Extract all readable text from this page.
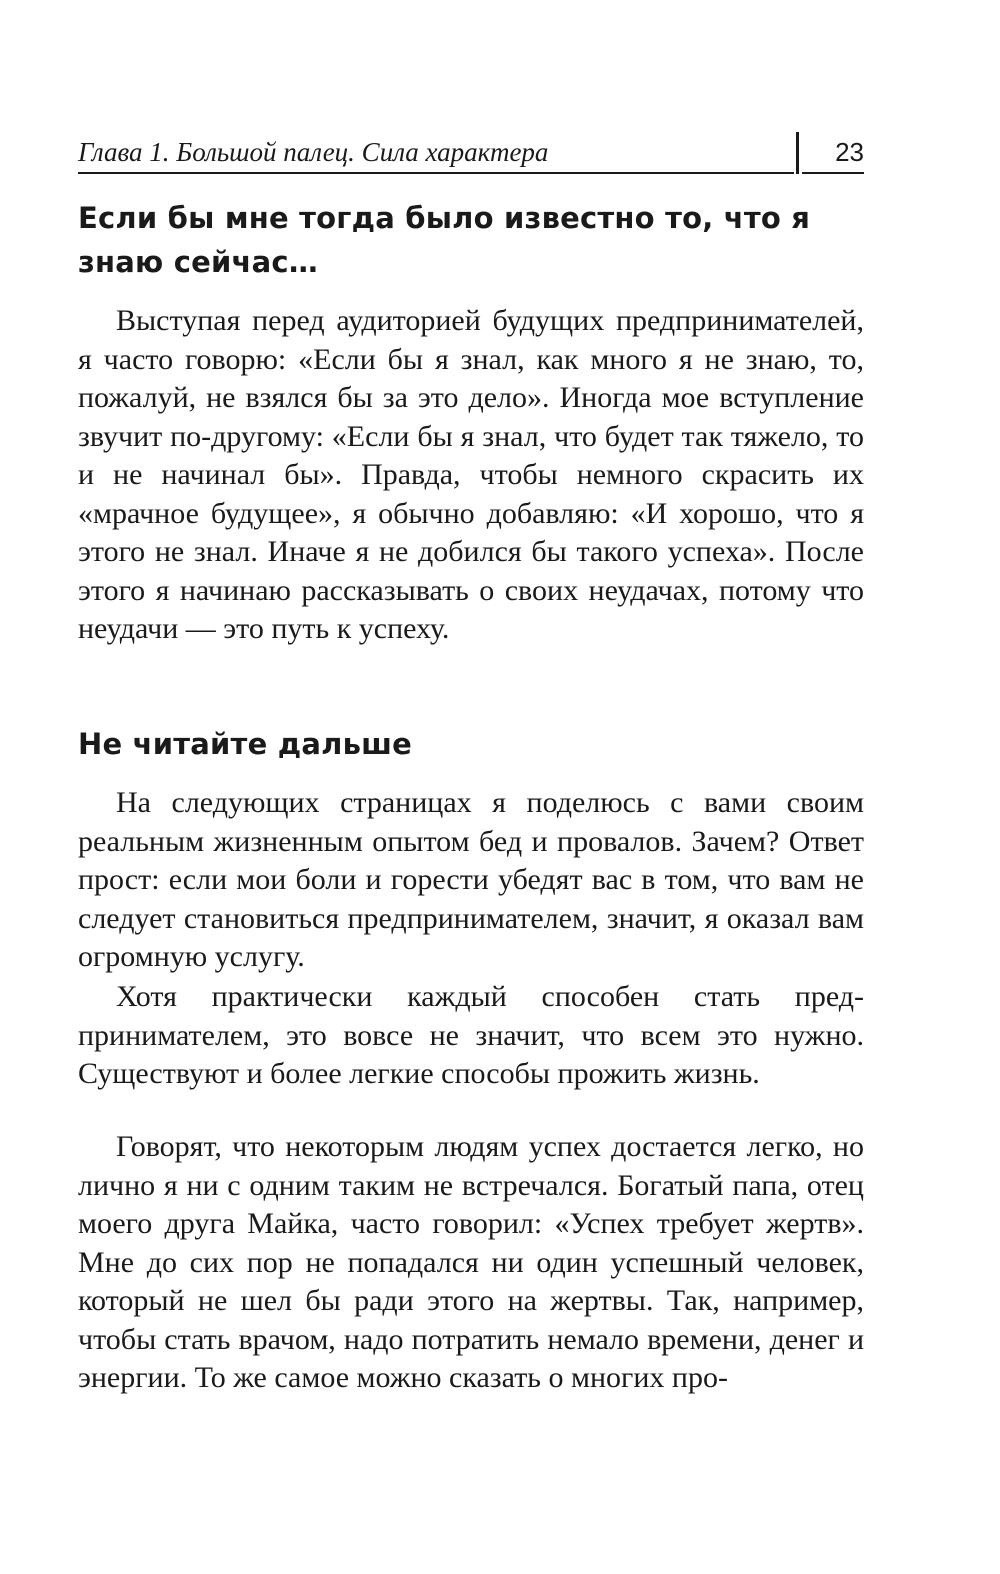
Глава 1. Большой палец. Сила характера	23
Если бы мне тогда было известно то, что я знаю сейчас…

Выступая перед аудиторией будущих предпринимателей, я часто говорю: «Если бы я знал, как много я не знаю, то, пожалуй, не взялся бы за это дело». Иногда мое вступление звучит по-другому: «Если бы я знал, что будет так тяжело, то и не начинал бы». Правда, чтобы немного скрасить их «мрачное будущее», я обычно добавляю: «И хорошо, что я этого не знал. Иначе я не добился бы такого успеха». После этого я начинаю рассказывать о своих неудачах, потому что неудачи — это путь к успеху.

Не читайте дальше

На следующих страницах я поделюсь с вами своим реальным жизненным опытом бед и провалов. Зачем? Ответ прост: если мои боли и горести убедят вас в том, что вам не следует становиться предпринимателем, значит, я оказал вам огромную услугу.

Хотя практически каждый способен стать предпринимателем, это вовсе не значит, что всем это нужно. Существуют и более легкие способы прожить жизнь.

Говорят, что некоторым людям успех достается легко, но лично я ни с одним таким не встречался. Богатый папа, отец моего друга Майка, часто говорил: «Успех требует жертв». Мне до сих пор не попадался ни один успешный человек, который не шел бы ради этого на жертвы. Так, например, чтобы стать врачом, надо потратить немало времени, денег и энергии. То же самое можно сказать о многих про-
